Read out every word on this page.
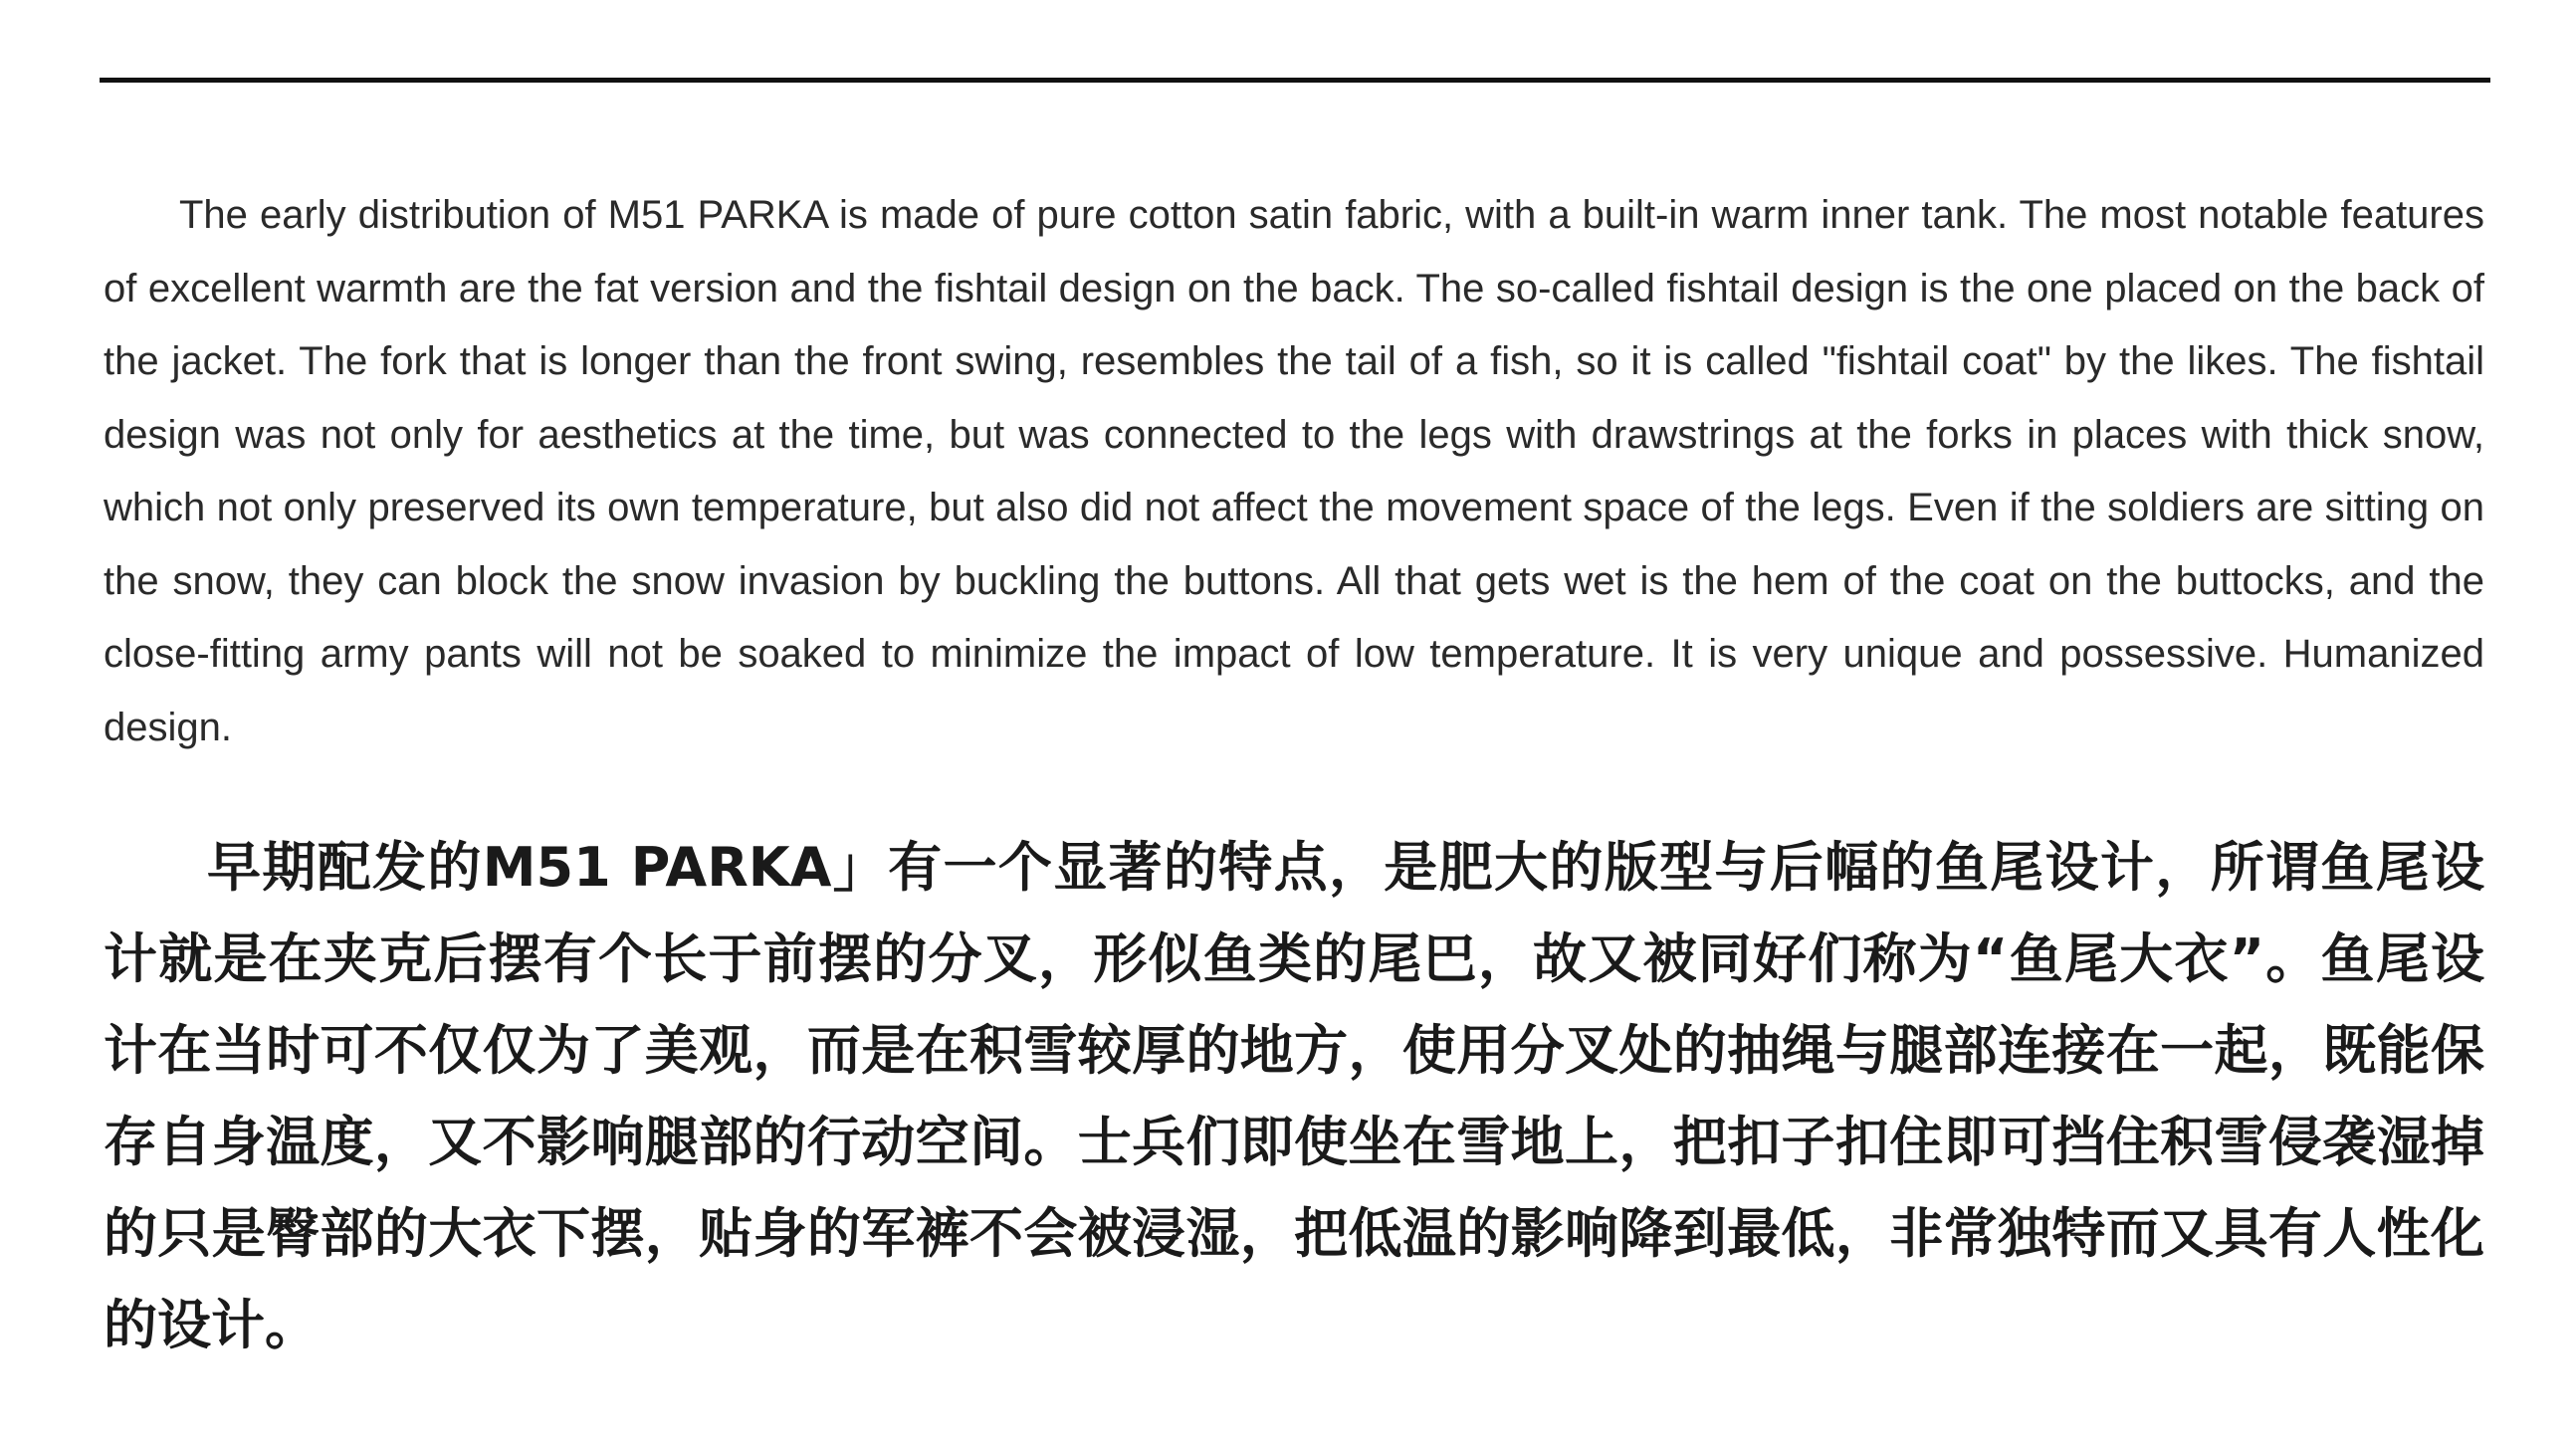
The early distribution of M51 PARKA is made of pure cotton satin fabric, with a built-in warm inner tank. The most notable features of excellent warmth are the fat version and the fishtail design on the back. The so-called fishtail design is the one placed on the back of the jacket. The fork that is longer than the front swing, resembles the tail of a fish, so it is called "fishtail coat" by the likes. The fishtail design was not only for aesthetics at the time, but was connected to the legs with drawstrings at the forks in places with thick snow, which not only preserved its own temperature, but also did not affect the movement space of the legs. Even if the soldiers are sitting on the snow, they can block the snow invasion by buckling the buttons. All that gets wet is the hem of the coat on the buttocks, and the close-fitting army pants will not be soaked to minimize the impact of low temperature. It is very unique and possessive. Humanized design.

早期配发的M51 PARKA」有一个显著的特点，是肥大的版型与后幅的鱼尾设计，所谓鱼尾设计就是在夹克后摆有个长于前摆的分叉，形似鱼类的尾巴，故又被同好们称为“鱼尾大衣”。鱼尾设计在当时可不仅仅为了美观，而是在积雪较厚的地方，使用分叉处的抽绳与腿部连接在一起，既能保存自身温度，又不影响腿部的行动空间。士兵们即使坐在雪地上，把扣子扣住即可挡住积雪侵袭湿掉的只是臀部的大衣下摆，贴身的军裤不会被浸湿，把低温的影响降到最低，非常独特而又具有人性化的设计。
